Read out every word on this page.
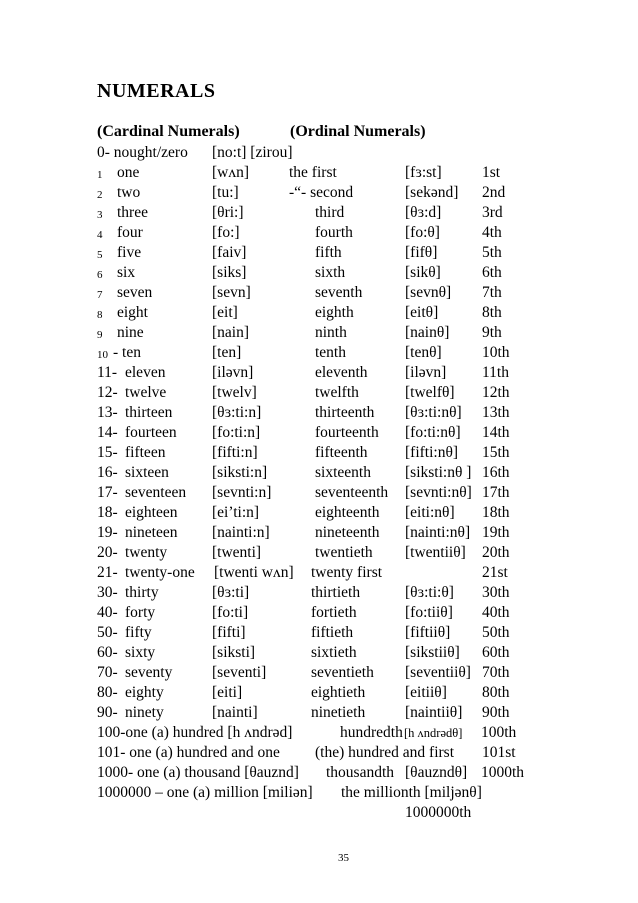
NUMERALS
(Cardinal Numerals)	(Ordinal Numerals)
0- nought/zero [no:t] [zirou]
1 one	[wʌn]	the first	[fɜ:st]	1st
2 two	[tu:]	-“- second	[sekənd] 2nd
3 three	[θri:]	third	[θɜ:d]	3rd
4 four	[fo:]	fourth	[fo:θ]	4th
5 five	[faiv]	fifth	[fifθ]	5th
6 six	[siks]	sixth	[sikθ]	6th
7 seven	[sevn]	seventh	[sevnθ] 7th
8 eight	[eit]	eighth	[eitθ]	8th
9 nine	[nain]	ninth	[nainθ] 9th
10 - ten	[ten]	tenth	[tenθ]	10th
11- eleven	[iləvn]	eleventh [iləvn] 11th
12- twelve	[twelv]	twelfth	[twelfθ] 12th
13- thirteen	[θɜ:ti:n]	thirteenth [θɜ:ti:nθ] 13th
14- fourteen [fo:ti:n]	fourteenth [fo:ti:nθ] 14th
15- fifteen	[fifti:n]	fifteenth [fifti:nθ] 15th
16- sixteen	[siksti:n]	sixteenth [siksti:nθ ] 16th
17- seventeen [sevnti:n]	seventeenth [sevnti:nθ] 17th
18- eighteen [ei’ti:n]	eighteenth [eiti:nθ] 18th
19- nineteen [nainti:n]	nineteenth [nainti:nθ] 19th
20- twenty	[twenti]	twentieth [twentiiθ] 20th
21- twenty-one [twenti wʌn] twenty first	21st
30- thirty	[θɜ:ti]	thirtieth	[θɜ:ti:θ] 30th
40- forty	[fo:ti]	fortieth	[fo:tiiθ] 40th
50- fifty	[fifti]	fiftieth	[fiftiiθ] 50th
60- sixty	[siksti]	sixtieth	[sikstiiθ] 60th
70- seventy	[seventi]	seventieth [seventiiθ] 70th
80- eighty	[eiti]	eightieth	[eitiiθ] 80th
90- ninety	[nainti]	ninetieth	[naintiiθ] 90th
100-one (a) hundred [h ʌndrəd]	hundredth [h ʌndrədθ] 100th
101- one (a) hundred and one (the) hundred and first 101st
1000- one (a) thousand [θauznd] thousandth [θauzndθ] 1000th
1000000 – one (a) million [miliən] the millionth [miljənθ]
1000000th
35
